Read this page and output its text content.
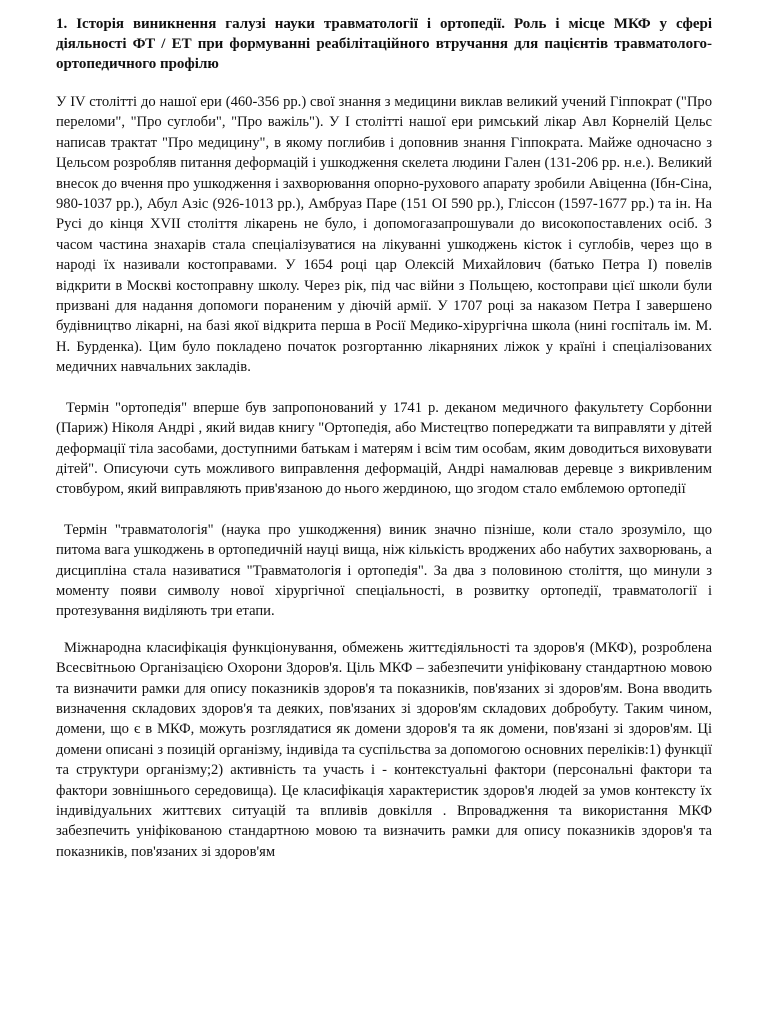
1. Історія виникнення галузі науки травматології і ортопедії. Роль і місце МКФ у сфері діяльності ФТ / ЕТ при формуванні реабілітаційного втручання для пацієнтів травматолого-ортопедичного профілю

У IV столітті до нашої ери (460-356 рр.) свої знання з медицини виклав великий учений Гіппократ ("Про переломи", "Про суглоби", "Про важіль"). У I столітті нашої ери римський лікар Авл Корнелій Цельс написав трактат "Про медицину", в якому поглибив і доповнив знання Гіппократа. Майже одночасно з Цельсом розробляв питання деформацій і ушкодження скелета людини Гален (131-206 рр. н.е.). Великий внесок до вчення про ушкодження і захворювання опорно-рухового апарату зробили Авіценна (Ібн-Сіна, 980-1037 рр.), Абул Азіс (926-1013 рр.), Амбруаз Паре (151 ОІ 590 рр.), Глісcон (1597-1677 рр.) та ін. На Русі до кінця XVII століття лікарень не було, і допомогазапрошували до високопоставлених осіб. З часом частина знахарів стала спеціалізуватися на лікуванні ушкоджень кісток і суглобів, через що в народі їх називали костоправами. У 1654 році цар Олексій Михайлович (батько Петра I) повелів відкрити в Москві костоправну школу. Через рік, під час війни з Польщею, костоправи цієї школи були призвані для надання допомоги пораненим у діючій армії. У 1707 році за наказом Петра I завершено будівництво лікарні, на базі якої відкрита перша в Росії Медико-хірургічна школа (нині госпіталь ім. М. Н. Бурденка). Цим було покладено початок розгортанню лікарняних ліжок у країні і спеціалізованих медичних навчальних закладів.

Термін "ортопедія" вперше був запропонований у 1741 р. деканом медичного факультету Сорбонни (Париж) Ніколя Андрі , який видав книгу "Ортопедія, або Мистецтво попереджати та виправляти у дітей деформації тіла засобами, доступними батькам і матерям і всім тим особам, яким доводиться виховувати дітей". Описуючи суть можливого виправлення деформацій, Андрі намалював деревце з викривленим стовбуром, який виправляють прив'язаною до нього жердиною, що згодом стало емблемою ортопедії

Термін "травматологія" (наука про ушкодження) виник значно пізніше, коли стало зрозуміло, що питома вага ушкоджень в ортопедичній науці вища, ніж кількість вроджених або набутих захворювань, а дисципліна стала називатися "Травматологія і ортопедія". За два з половиною століття, що минули з моменту появи символу нової хірургічної спеціальності, в розвитку ортопедії, травматології і протезування виділяють три етапи.

Міжнародна класифікація функціонування, обмежень життєдіяльності та здоров'я (МКФ), розроблена Всесвітньою Організацією Охорони Здоров'я. Ціль МКФ – забезпечити уніфіковану стандартною мовою та визначити рамки для опису показників здоров'я та показників, пов'язаних зі здоров'ям. Вона вводить визначення складових здоров'я та деяких, пов'язаних зі здоров'ям складових добробуту. Таким чином, домени, що є в МКФ, можуть розглядатися як домени здоров'я та як домени, пов'язані зі здоров'ям. Ці домени описані з позицій організму, індивіда та суспільства за допомогою основних переліків:1) функції та структури організму;2) активність та участь і - контекстуальні фактори (персональні фактори та фактори зовнішнього середовища). Це класифікація характеристик здоров'я людей за умов контексту їх індивідуальних життєвих ситуацій та впливів довкілля . Впровадження та використання МКФ забезпечить уніфікованою стандартною мовою та визначить рамки для опису показників здоров'я та показників, пов'язаних зі здоров'ям
